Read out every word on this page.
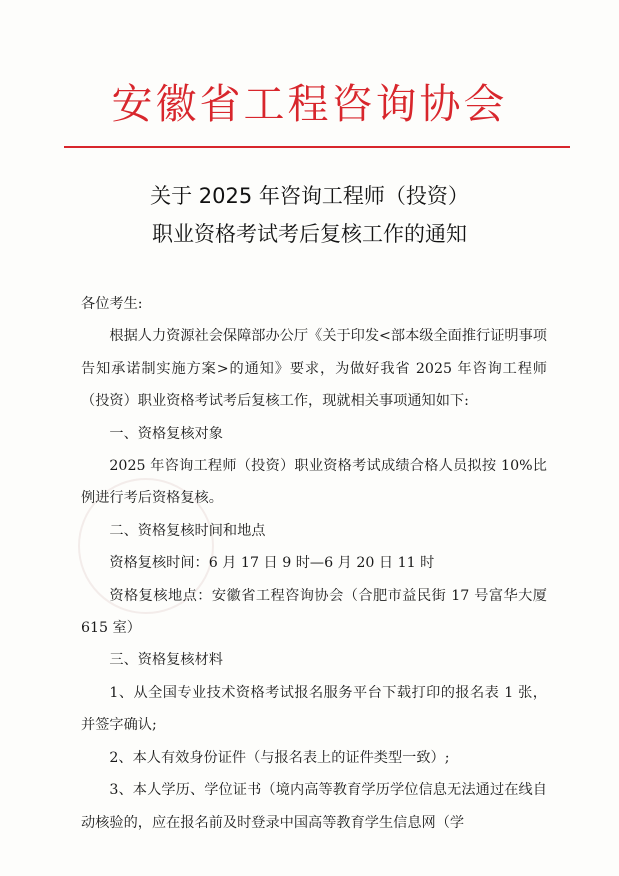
安徽省工程咨询协会
关于 2025 年咨询工程师（投资）
职业资格考试考后复核工作的通知

各位考生:

根据人力资源社会保障部办公厅《关于印发<部本级全面推行证明事项告知承诺制实施方案>的通知》要求，为做好我省 2025 年咨询工程师（投资）职业资格考试考后复核工作，现就相关事项通知如下:

一、资格复核对象

2025 年咨询工程师（投资）职业资格考试成绩合格人员拟按 10%比例进行考后资格复核。

二、资格复核时间和地点

资格复核时间：6 月 17 日 9 时—6 月 20 日 11 时

资格复核地点：安徽省工程咨询协会（合肥市益民街 17 号富华大厦 615 室）

三、资格复核材料

1、从全国专业技术资格考试报名服务平台下载打印的报名表 1 张，并签字确认;

2、本人有效身份证件（与报名表上的证件类型一致）;

3、本人学历、学位证书（境内高等教育学历学位信息无法通过在线自动核验的，应在报名前及时登录中国高等教育学生信息网（学
